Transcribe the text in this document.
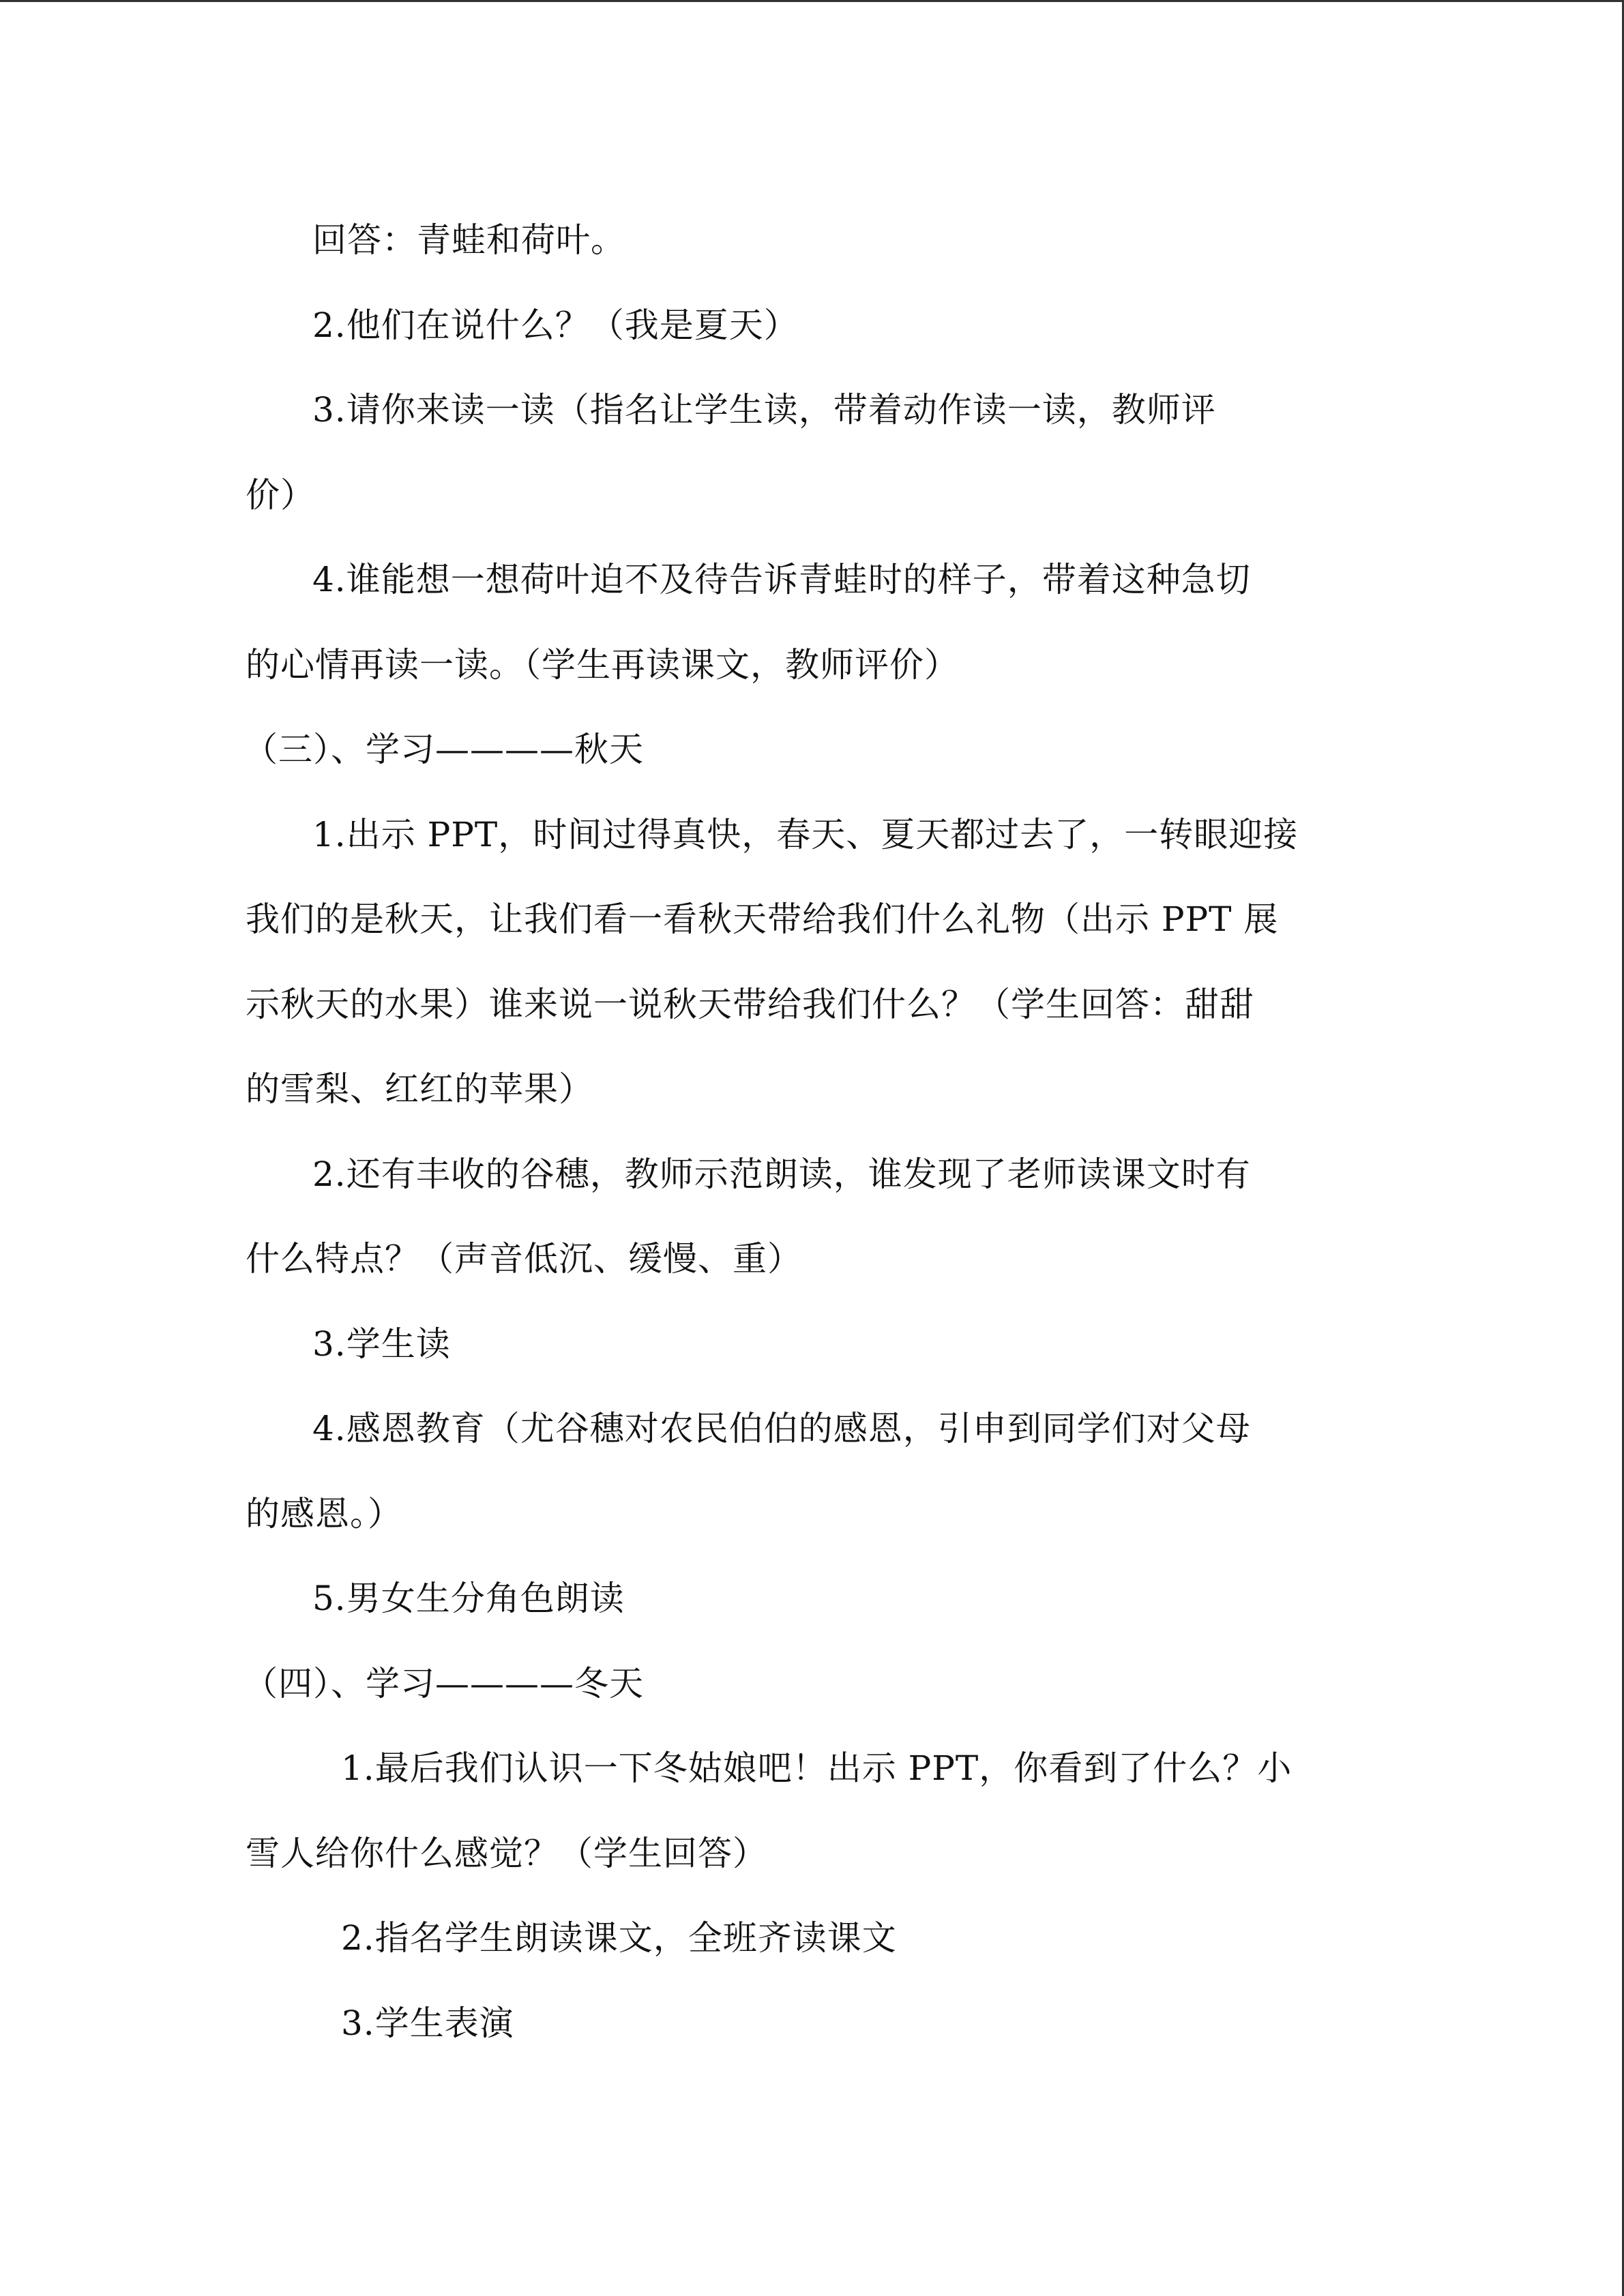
回答：青蛙和荷叶。
2.他们在说什么？（我是夏天）
3.请你来读一读（指名让学生读，带着动作读一读，教师评
价）
4.谁能想一想荷叶迫不及待告诉青蛙时的样子，带着这种急切
的心情再读一读。（学生再读课文，教师评价）
（三）、学习————秋天
1.出示 PPT，时间过得真快，春天、夏天都过去了，一转眼迎接
我们的是秋天，让我们看一看秋天带给我们什么礼物（出示 PPT 展
示秋天的水果）谁来说一说秋天带给我们什么？（学生回答：甜甜
的雪梨、红红的苹果）
2.还有丰收的谷穗，教师示范朗读，谁发现了老师读课文时有
什么特点？（声音低沉、缓慢、重）
3.学生读
4.感恩教育（尤谷穗对农民伯伯的感恩，引申到同学们对父母
的感恩。）
5.男女生分角色朗读
（四）、学习————冬天
1.最后我们认识一下冬姑娘吧！出示 PPT，你看到了什么？小
雪人给你什么感觉？（学生回答）
2.指名学生朗读课文，全班齐读课文
3.学生表演
